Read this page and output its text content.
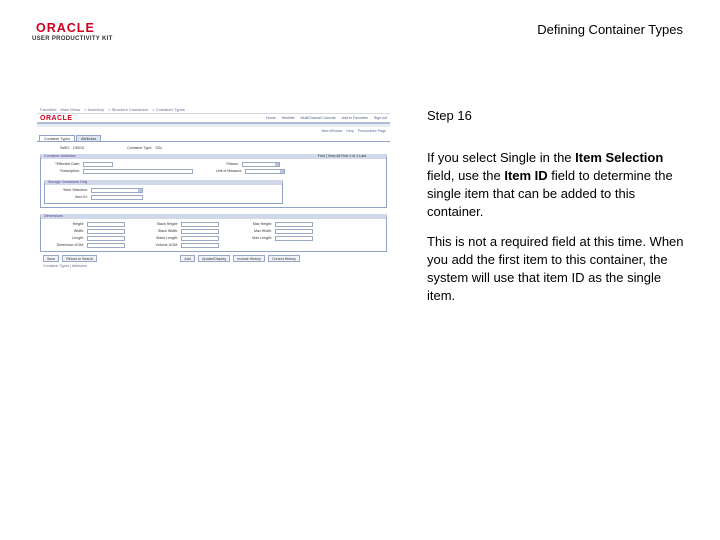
ORACLE
USER PRODUCTIVITY KIT
Defining Container Types
Favorites Main Menu > Inventory > Structure Containers > Container Types
ORACLE	Home Worklist MultiChannel Console Add to Favorites Sign out
New Window Help Personalize Page
Container Types	Attributes
SetID: US010	Container Type: SGL
Container Attributes	Find | View All First 1 of 1 Last
*Effective Date:	*Status:
*Description:	Unit of Measure:
Storage Containers Only
*Item Selection:
Item ID:
Dimensions
Height:	Stack Height:	Max Height:
Width:	Stack Width:	Max Width:
Length:	Stack Length:	Max Length:
Dimension UOM:	Volume UOM:
Save	Return to Search	Add	Update/Display	Include History	Correct History
Container Types | Attributes
Step 16
If you select Single in the Item Selection field, use the Item ID field to determine the single item that can be added to this container.
This is not a required field at this time. When you add the first item to this container, the system will use that item ID as the single item.
